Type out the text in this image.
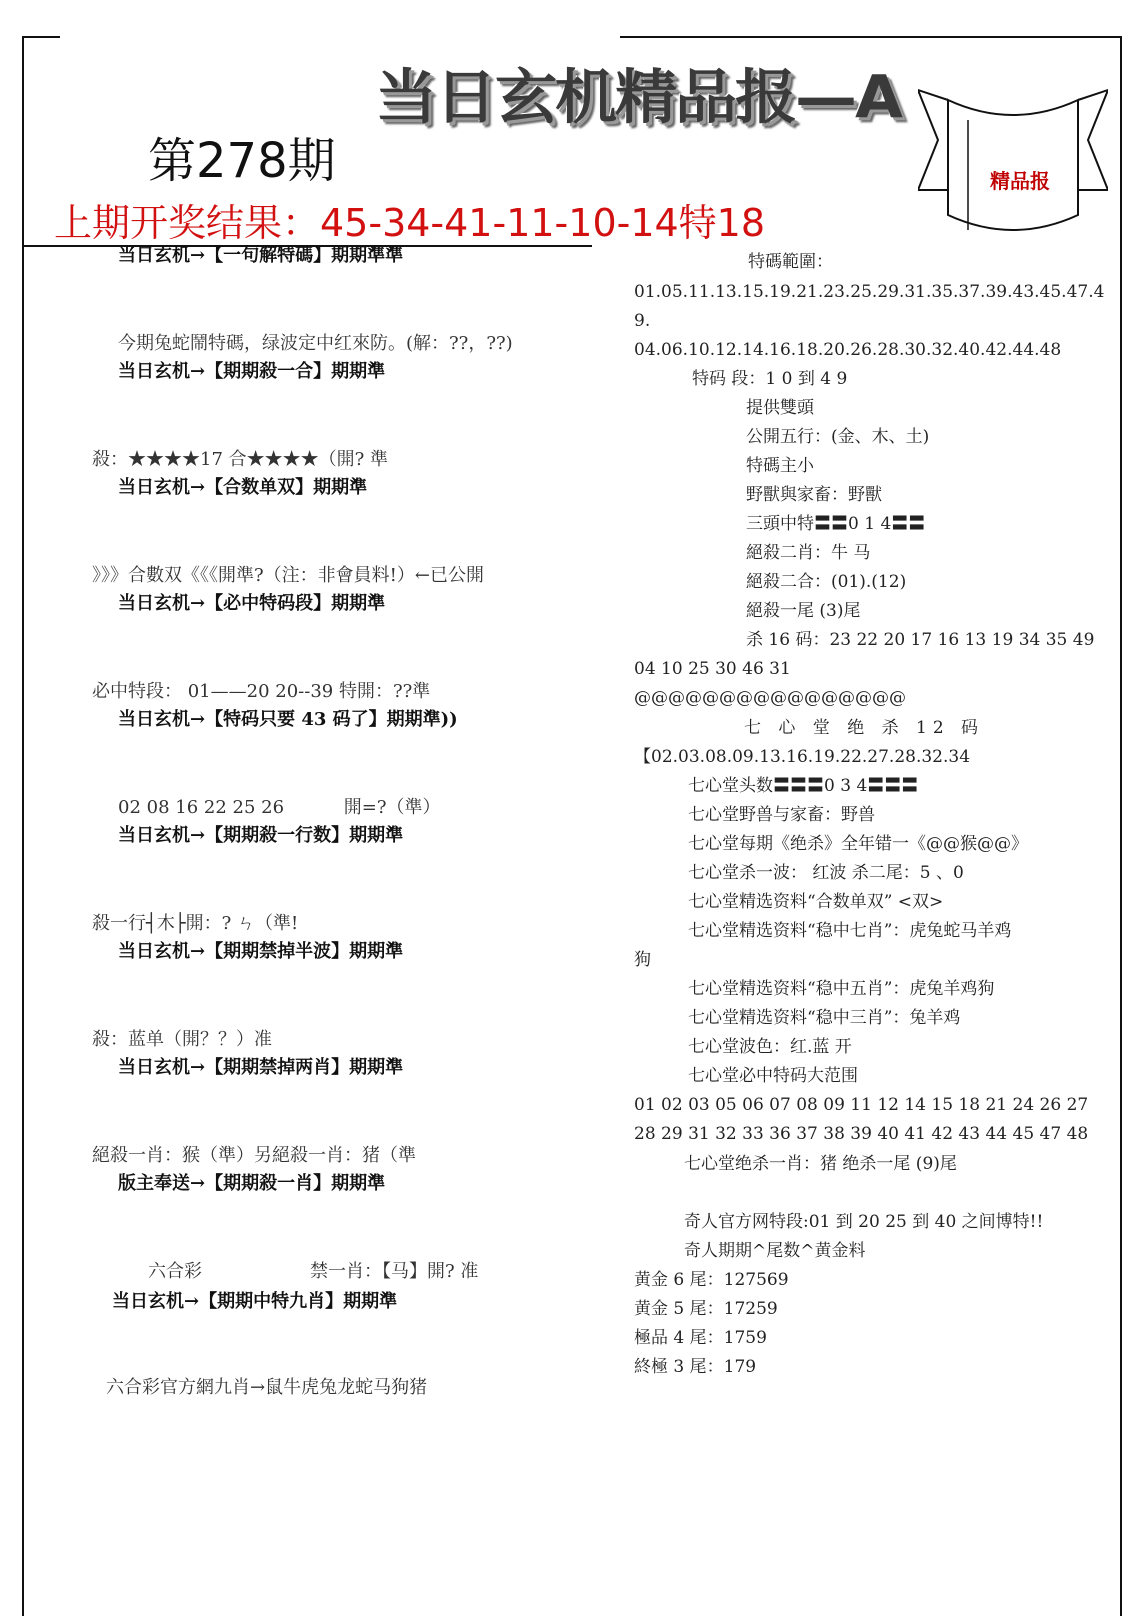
当日玄机精品报—A
精品报
第278期
上期开奖结果：45-34-41-11-10-14特18
当日玄机→【一句解特碼】期期準準
今期兔蛇鬧特碼，绿波定中红來防。(解：??，??)
当日玄机→【期期殺一合】期期準
殺：★★★★17 合★★★★（開? 準
当日玄机→【合数单双】期期準
》》》合數双《《《開準?（注：非會員料!）←已公開
当日玄机→【必中特码段】期期準
必中特段： 01——20 20--39 特開：??準
当日玄机→【特码只要 43 码了】期期準))
02 08 16 22 25 26 　　　開=?（準）
当日玄机→【期期殺一行数】期期準
殺一行┤木├開：? ㄣ（準!
当日玄机→【期期禁掉半波】期期準
殺：蓝单（開？？）准
当日玄机→【期期禁掉两肖】期期準
絕殺一肖：猴（準）另絕殺一肖：猪（準
版主奉送→【期期殺一肖】期期準
六合彩　　　　　　禁一肖：【马】開? 准
当日玄机→【期期中特九肖】期期準
六合彩官方網九肖→鼠牛虎兔龙蛇马狗猪
特碼範圍：
01.05.11.13.15.19.21.23.25.29.31.35.37.39.43.45.47.4
9.
04.06.10.12.14.16.18.20.26.28.30.32.40.42.44.48
特码 段：1 0 到 4 9
提供雙頭
公開五行：(金、木、土)
特碼主小
野獸與家畜：野獸
三頭中特〓〓0 1 4〓〓
絕殺二肖：牛 马
絕殺二合：(01).(12)
絕殺一尾 (3)尾
杀 16 码：23 22 20 17 16 13 19 34 35 49
04 10 25 30 46 31
@@@@@@@@@@@@@@@@
七 心 堂 绝 杀 12 码
【02.03.08.09.13.16.19.22.27.28.32.34
七心堂头数〓〓〓0 3 4〓〓〓
七心堂野兽与家畜：野兽
七心堂每期《绝杀》全年错一《@@猴@@》
七心堂杀一波： 红波 杀二尾：5 、0
七心堂精选资料“合数单双” <双>
七心堂精选资料“稳中七肖”：虎兔蛇马羊鸡
狗
七心堂精选资料“稳中五肖”：虎兔羊鸡狗
七心堂精选资料“稳中三肖”：兔羊鸡
七心堂波色：红.蓝 开
七心堂必中特码大范围
01 02 03 05 06 07 08 09 11 12 14 15 18 21 24 26 27
28 29 31 32 33 36 37 38 39 40 41 42 43 44 45 47 48
七心堂绝杀一肖：猪 绝杀一尾 (9)尾
奇人官方网特段:01 到 20 25 到 40 之间博特!!
奇人期期^尾数^黄金料
黄金 6 尾：127569
黄金 5 尾：17259
極品 4 尾：1759
終極 3 尾：179
